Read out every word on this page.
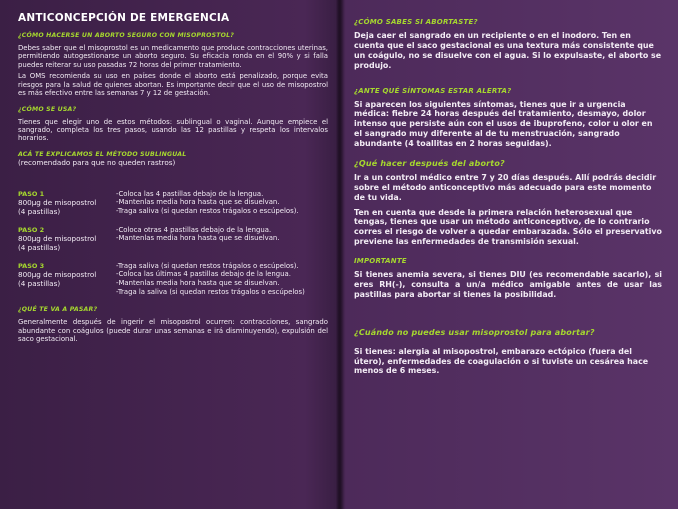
ANTICONCEPCIÓN DE EMERGENCIA
¿CÓMO HACERSE UN ABORTO SEGURO CON MISOPROSTOL?
Debes saber que el misoprostol es un medicamento que produce contracciones uterinas, permitiendo autogestionarse un aborto seguro. Su eficacia ronda en el 90% y si falla puedes reiterar su uso pasadas 72 horas del primer tratamiento.
La OMS recomienda su uso en países donde el aborto está penalizado, porque evita riesgos para la salud de quienes abortan. Es importante decir que el uso de misopostrol es más efectivo entre las semanas 7 y 12 de gestación.
¿CÓMO SE USA?
Tienes que elegir uno de estos métodos: sublingual o vaginal. Aunque empiece el sangrado, completa los tres pasos, usando las 12 pastillas y respeta los intervalos horarios.
ACÁ TE EXPLICAMOS EL MÉTODO SUBLINGUAL
(recomendado para que no queden rastros)
PASO 1
800µg de misopostrol
(4 pastillas)
-Coloca las 4 pastillas debajo de la lengua.
-Mantenlas media hora hasta que se disuelvan.
-Traga saliva (si quedan restos trágalos o escúpelos).
PASO 2
800µg de misopostrol
(4 pastillas)
-Coloca otras 4 pastillas debajo de la lengua.
-Mantenlas media hora hasta que se disuelvan.
PASO 3
800µg de misopostrol
(4 pastillas)
-Traga saliva (si quedan restos trágalos o escúpelos).
-Coloca las últimas 4 pastillas debajo de la lengua.
-Mantenlas media hora hasta que se disuelvan.
-Traga la saliva (si quedan restos trágalos o escúpelos)
¿QUÉ TE VA A PASAR?
Generalmente después de ingerir el misopostrol ocurren: contracciones, sangrado abundante con coágulos (puede durar unas semanas e irá disminuyendo), expulsión del saco gestacional.
¿CÓMO SABES SI ABORTASTE?
Deja caer el sangrado en un recipiente o en el inodoro. Ten en cuenta que el saco gestacional es una textura más consistente que un coágulo, no se disuelve con el agua. Si lo expulsaste, el aborto se produjo.
¿ANTE QUÉ SÍNTOMAS ESTAR ALERTA?
Si aparecen los siguientes síntomas, tienes que ir a urgencia médica: fiebre 24 horas después del tratamiento, desmayo, dolor intenso que persiste aún con el usos de ibuprofeno, color u olor en el sangrado muy diferente al de tu menstruación, sangrado abundante (4 toallitas en 2 horas seguidas).
¿Qué hacer después del aborto?
Ir a un control médico entre 7 y 20 días después. Allí podrás decidir sobre el método anticonceptivo más adecuado para este momento de tu vida.
Ten en cuenta que desde la primera relación heterosexual que tengas, tienes que usar un método anticonceptivo, de lo contrario corres el riesgo de volver a quedar embarazada. Sólo el preservativo previene las enfermedades de transmisión sexual.
IMPORTANTE
Si tienes anemia severa, si tienes DIU (es recomendable sacarlo), si eres RH(-), consulta a un/a médico amigable antes de usar las pastillas para abortar si tienes la posibilidad.
¿Cuándo no puedes usar misoprostol para abortar?
Si tienes: alergia al misopostrol, embarazo ectópico (fuera del útero), enfermedades de coagulación o si tuviste un cesárea hace menos de 6 meses.
